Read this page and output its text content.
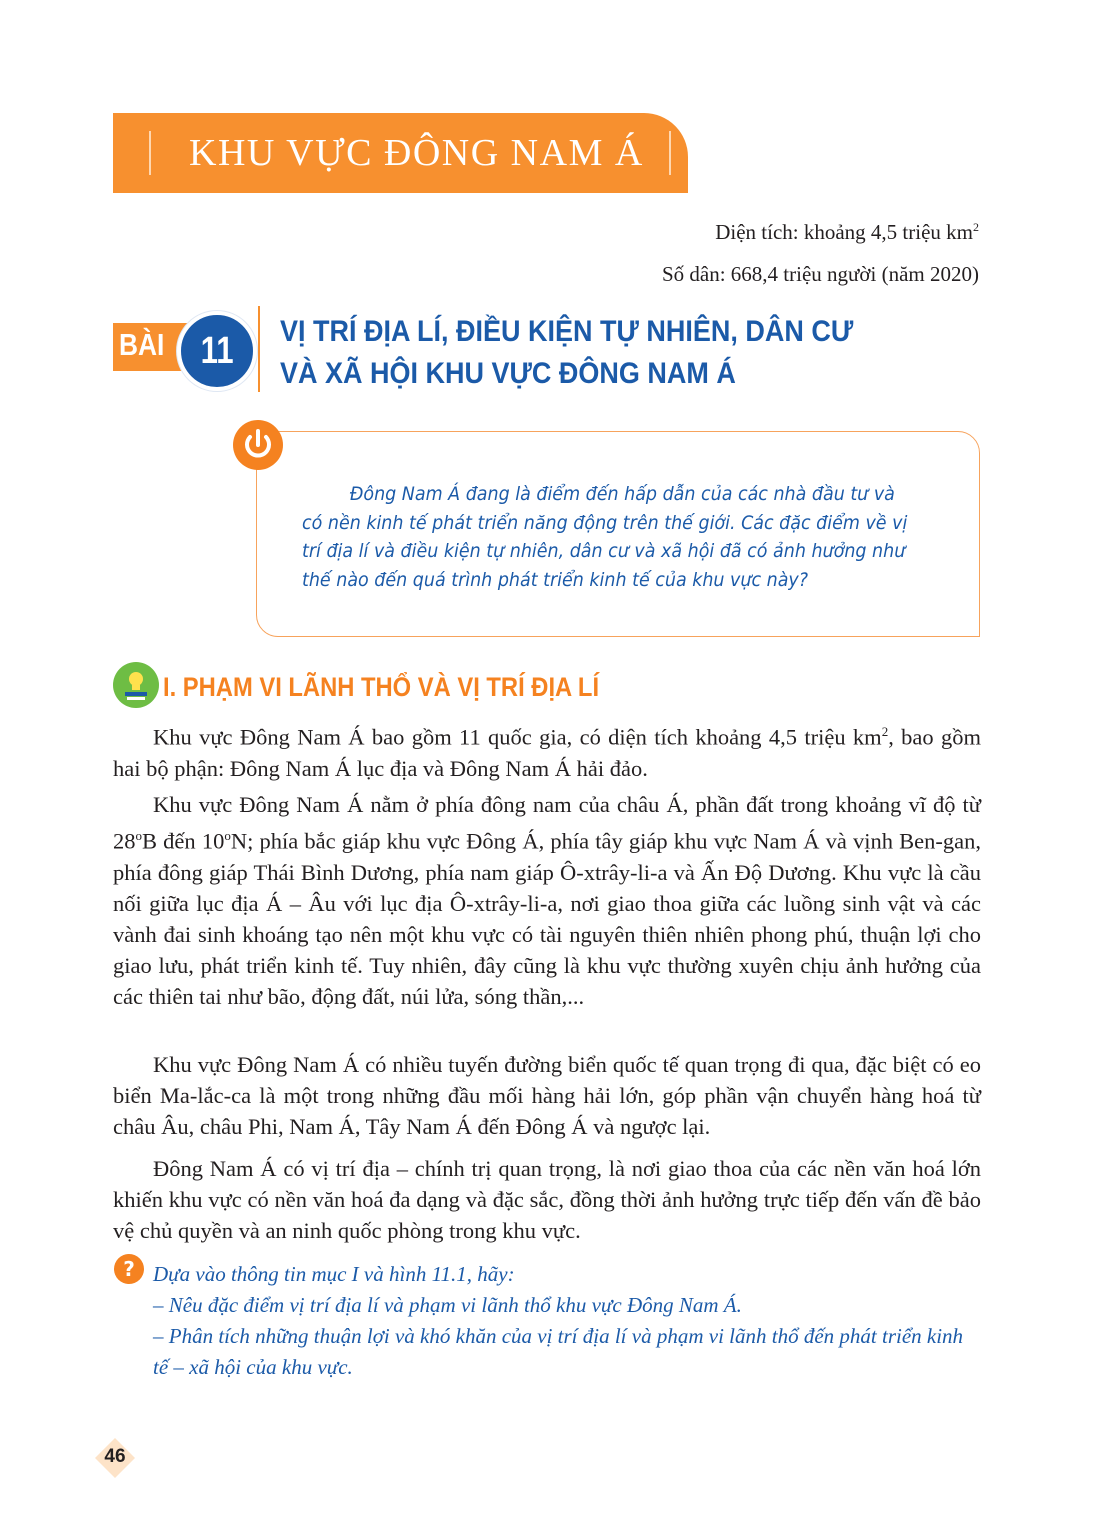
KHU VỰC ĐÔNG NAM Á
Diện tích: khoảng 4,5 triệu $km^2$
Số dân: 668,4 triệu người (năm 2020)
BÀI 11 VỊ TRÍ ĐỊA LÍ, ĐIỀU KIỆN TỰ NHIÊN, DÂN CƯ
VÀ XÃ HỘI KHU VỰC ĐÔNG NAM Á
Đông Nam Á đang là điểm đến hấp dẫn của các nhà đầu tư và có nền kinh tế phát triển năng động trên thế giới. Các đặc điểm về vị trí địa lí và điều kiện tự nhiên, dân cư và xã hội đã có ảnh hưởng như thế nào đến quá trình phát triển kinh tế của khu vực này?
I. PHẠM VI LÃNH THỔ VÀ VỊ TRÍ ĐỊA LÍ

Khu vực Đông Nam Á bao gồm 11 quốc gia, có diện tích khoảng 4,5 triệu $km^2$, bao gồm hai bộ phận: Đông Nam Á lục địa và Đông Nam Á hải đảo.

Khu vực Đông Nam Á nằm ở phía đông nam của châu Á, phần đất trong khoảng vĩ độ từ 28$^o$B đến 10$^o$N; phía bắc giáp khu vực Đông Á, phía tây giáp khu vực Nam Á và vịnh Ben-gan, phía đông giáp Thái Bình Dương, phía nam giáp Ô-xtrây-li-a và Ấn Độ Dương. Khu vực là cầu nối giữa lục địa Á – Âu với lục địa Ô-xtrây-li-a, nơi giao thoa giữa các luồng sinh vật và các vành đai sinh khoáng tạo nên một khu vực có tài nguyên thiên nhiên phong phú, thuận lợi cho giao lưu, phát triển kinh tế. Tuy nhiên, đây cũng là khu vực thường xuyên chịu ảnh hưởng của các thiên tai như bão, động đất, núi lửa, sóng thần,...

Khu vực Đông Nam Á có nhiều tuyến đường biển quốc tế quan trọng đi qua, đặc biệt có eo biển Ma-lắc-ca là một trong những đầu mối hàng hải lớn, góp phần vận chuyển hàng hoá từ châu Âu, châu Phi, Nam Á, Tây Nam Á đến Đông Á và ngược lại.

Đông Nam Á có vị trí địa – chính trị quan trọng, là nơi giao thoa của các nền văn hoá lớn khiến khu vực có nền văn hoá đa dạng và đặc sắc, đồng thời ảnh hưởng trực tiếp đến vấn đề bảo vệ chủ quyền và an ninh quốc phòng trong khu vực.

? Dựa vào thông tin mục I và hình 11.1, hãy:
– Nêu đặc điểm vị trí địa lí và phạm vi lãnh thổ khu vực Đông Nam Á.
– Phân tích những thuận lợi và khó khăn của vị trí địa lí và phạm vi lãnh thổ đến phát triển kinh tế – xã hội của khu vực.
46
